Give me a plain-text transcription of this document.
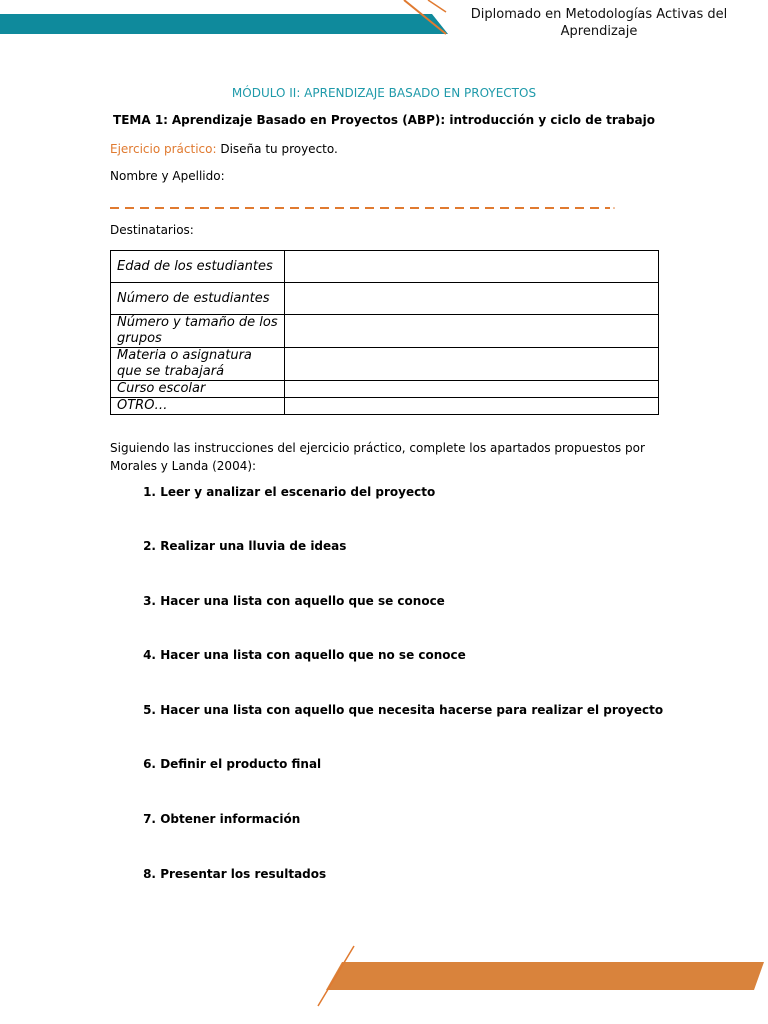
Diplomado en Metodologías Activas del
Aprendizaje
MÓDULO II: APRENDIZAJE BASADO EN PROYECTOS
TEMA 1: Aprendizaje Basado en Proyectos (ABP): introducción y ciclo de trabajo
Ejercicio práctico: Diseña tu proyecto.
Nombre y Apellido:
Destinatarios:
Edad de los estudiantes	
Número de estudiantes	
Número y tamaño de los grupos	
Materia o asignatura que se trabajará	
Curso escolar	
OTRO…	
Siguiendo las instrucciones del ejercicio práctico, complete los apartados propuestos por Morales y Landa (2004):
1. Leer y analizar el escenario del proyecto
2. Realizar una lluvia de ideas
3. Hacer una lista con aquello que se conoce
4. Hacer una lista con aquello que no se conoce
5. Hacer una lista con aquello que necesita hacerse para realizar el proyecto
6. Definir el producto final
7. Obtener información
8. Presentar los resultados
